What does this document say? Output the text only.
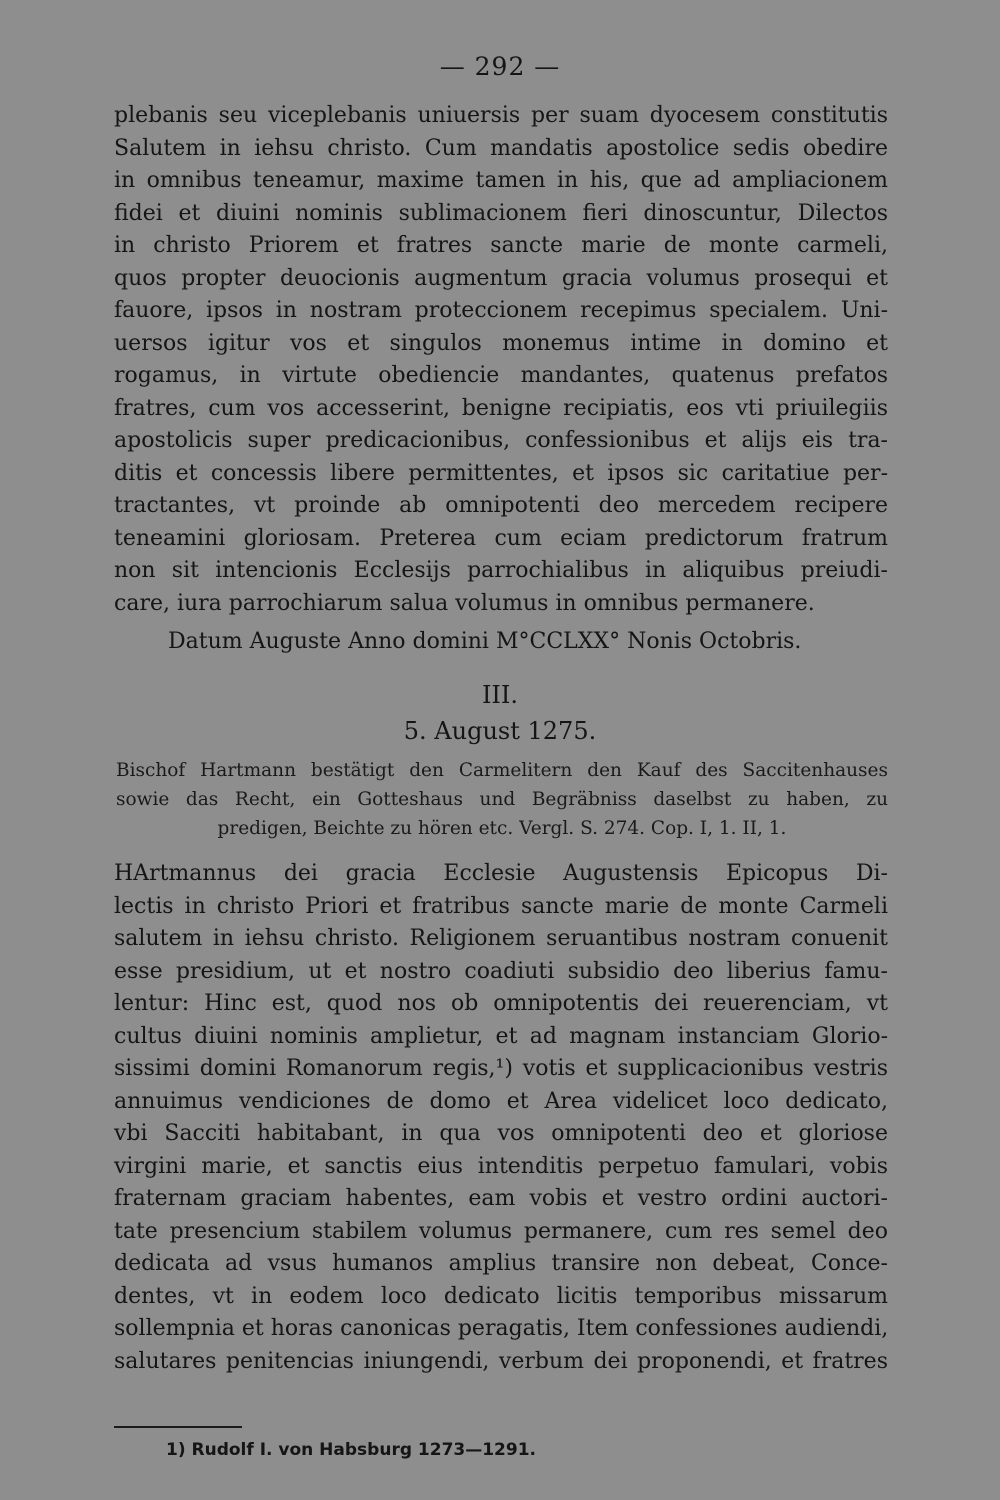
— 292 —
plebanis seu viceplebanis uniuersis per suam dyocesem constitutis
Salutem in iehsu christo. Cum mandatis apostolice sedis obedire
in omnibus teneamur, maxime tamen in his, que ad ampliacionem
fidei et diuini nominis sublimacionem fieri dinoscuntur, Dilectos
in christo Priorem et fratres sancte marie de monte carmeli,
quos propter deuocionis augmentum gracia volumus prosequi et
fauore, ipsos in nostram proteccionem recepimus specialem. Uni-
uersos igitur vos et singulos monemus intime in domino et
rogamus, in virtute obediencie mandantes, quatenus prefatos
fratres, cum vos accesserint, benigne recipiatis, eos vti priuilegiis
apostolicis super predicacionibus, confessionibus et alijs eis tra-
ditis et concessis libere permittentes, et ipsos sic caritatiue per-
tractantes, vt proinde ab omnipotenti deo mercedem recipere
teneamini gloriosam. Preterea cum eciam predictorum fratrum
non sit intencionis Ecclesijs parrochialibus in aliquibus preiudi-
care, iura parrochiarum salua volumus in omnibus permanere.
Datum Auguste Anno domini M°CCLXX° Nonis Octobris.
III.
5. August 1275.
Bischof Hartmann bestätigt den Carmelitern den Kauf des Saccitenhauses
sowie das Recht, ein Gotteshaus und Begräbniss daselbst zu haben, zu
predigen, Beichte zu hören etc. Vergl. S. 274. Cop. I, 1. II, 1.
HArtmannus dei gracia Ecclesie Augustensis Epicopus Di-
lectis in christo Priori et fratribus sancte marie de monte Carmeli
salutem in iehsu christo. Religionem seruantibus nostram conuenit
esse presidium, ut et nostro coadiuti subsidio deo liberius famu-
lentur: Hinc est, quod nos ob omnipotentis dei reuerenciam, vt
cultus diuini nominis amplietur, et ad magnam instanciam Glorio-
sissimi domini Romanorum regis,¹) votis et supplicacionibus vestris
annuimus vendiciones de domo et Area videlicet loco dedicato,
vbi Sacciti habitabant, in qua vos omnipotenti deo et gloriose
virgini marie, et sanctis eius intenditis perpetuo famulari, vobis
fraternam graciam habentes, eam vobis et vestro ordini auctori-
tate presencium stabilem volumus permanere, cum res semel deo
dedicata ad vsus humanos amplius transire non debeat, Conce-
dentes, vt in eodem loco dedicato licitis temporibus missarum
sollempnia et horas canonicas peragatis, Item confessiones audiendi,
salutares penitencias iniungendi, verbum dei proponendi, et fratres
1) Rudolf I. von Habsburg 1273—1291.
